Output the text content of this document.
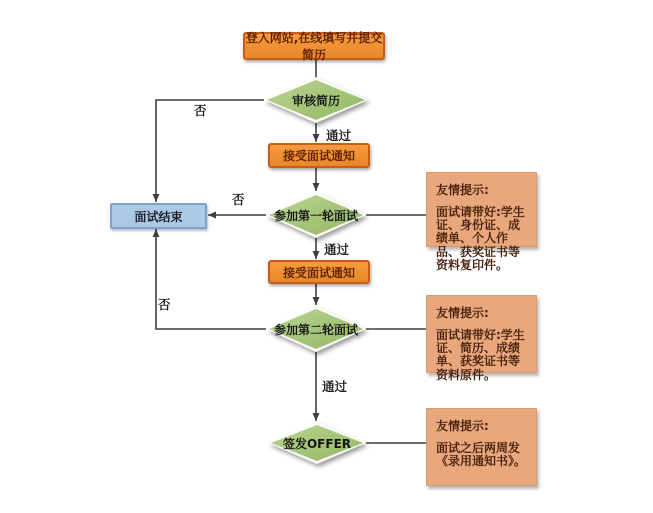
登入网站,在线填写并提交简历
审核简历
接受面试通知
参加第一轮面试
面试结束
接受面试通知
参加第二轮面试
签发OFFER
通过
否
否
通过
否
通过
友情提示:
面试请带好:学生证、身份证、成绩单、个人作品、获奖证书等资料复印件。
友情提示:
面试请带好:学生证、简历、成绩单、获奖证书等资料原件。
友情提示:
面试之后两周发《录用通知书》。
